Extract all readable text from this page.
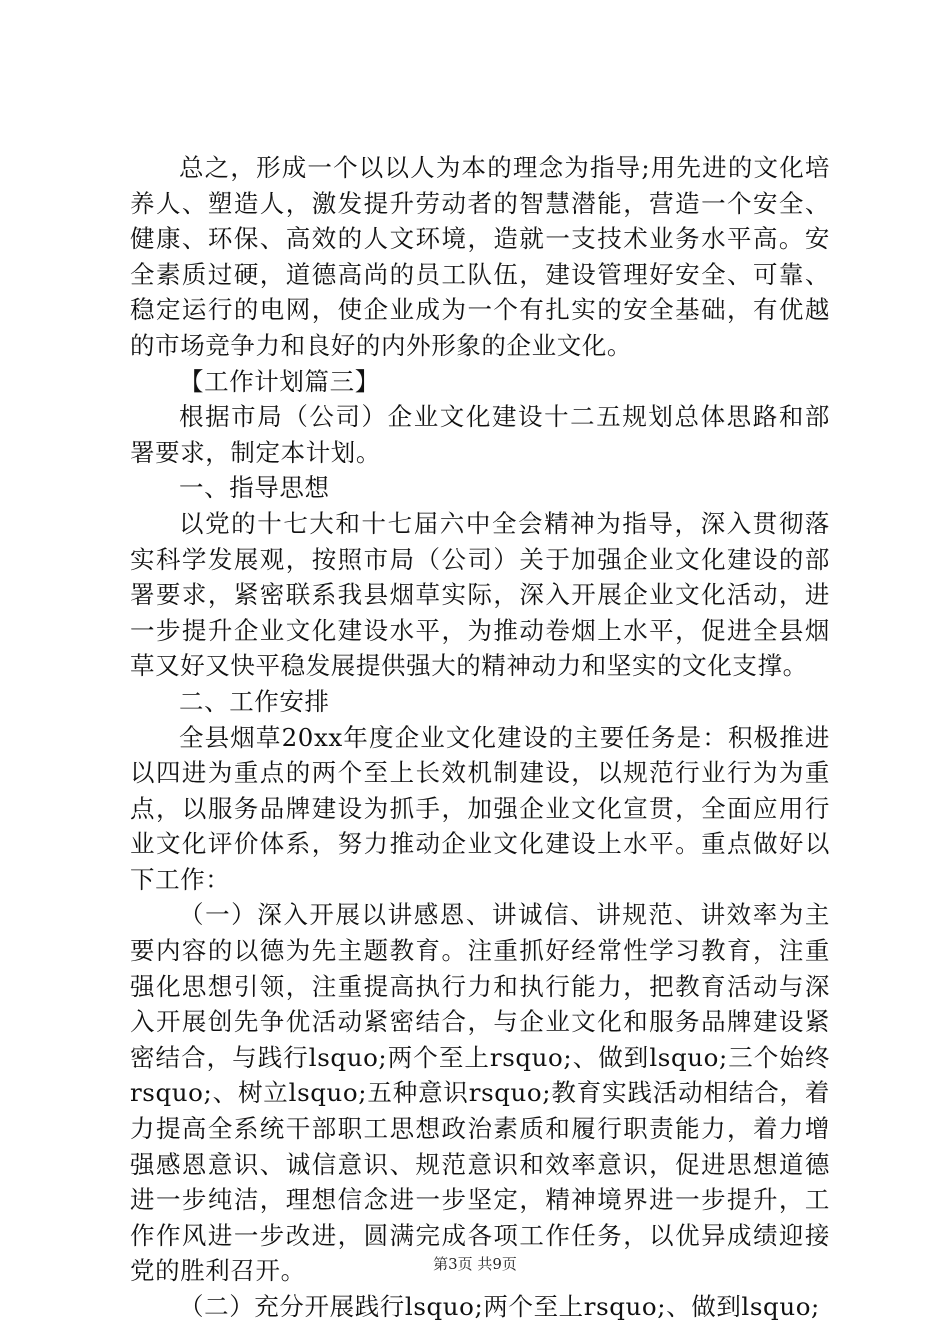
总之，形成一个以以人为本的理念为指导;用先进的文化培养人、塑造人，激发提升劳动者的智慧潜能，营造一个安全、健康、环保、高效的人文环境，造就一支技术业务水平高。安全素质过硬，道德高尚的员工队伍，建设管理好安全、可靠、稳定运行的电网，使企业成为一个有扎实的安全基础，有优越的市场竞争力和良好的内外形象的企业文化。

【工作计划篇三】

根据市局（公司）企业文化建设十二五规划总体思路和部署要求，制定本计划。

一、指导思想

以党的十七大和十七届六中全会精神为指导，深入贯彻落实科学发展观，按照市局（公司）关于加强企业文化建设的部署要求，紧密联系我县烟草实际，深入开展企业文化活动，进一步提升企业文化建设水平，为推动卷烟上水平，促进全县烟草又好又快平稳发展提供强大的精神动力和坚实的文化支撑。

二、工作安排

全县烟草20xx年度企业文化建设的主要任务是：积极推进以四进为重点的两个至上长效机制建设，以规范行业行为为重点，以服务品牌建设为抓手，加强企业文化宣贯，全面应用行业文化评价体系，努力推动企业文化建设上水平。重点做好以下工作：

（一）深入开展以讲感恩、讲诚信、讲规范、讲效率为主要内容的以德为先主题教育。注重抓好经常性学习教育，注重强化思想引领，注重提高执行力和执行能力，把教育活动与深入开展创先争优活动紧密结合，与企业文化和服务品牌建设紧密结合，与践行lsquo;两个至上rsquo;、做到lsquo;三个始终rsquo;、树立lsquo;五种意识rsquo;教育实践活动相结合，着力提高全系统干部职工思想政治素质和履行职责能力，着力增强感恩意识、诚信意识、规范意识和效率意识，促进思想道德进一步纯洁，理想信念进一步坚定，精神境界进一步提升，工作作风进一步改进，圆满完成各项工作任务，以优异成绩迎接党的胜利召开。

（二）充分开展践行lsquo;两个至上rsquo;、做到lsquo;

第3页 共9页
